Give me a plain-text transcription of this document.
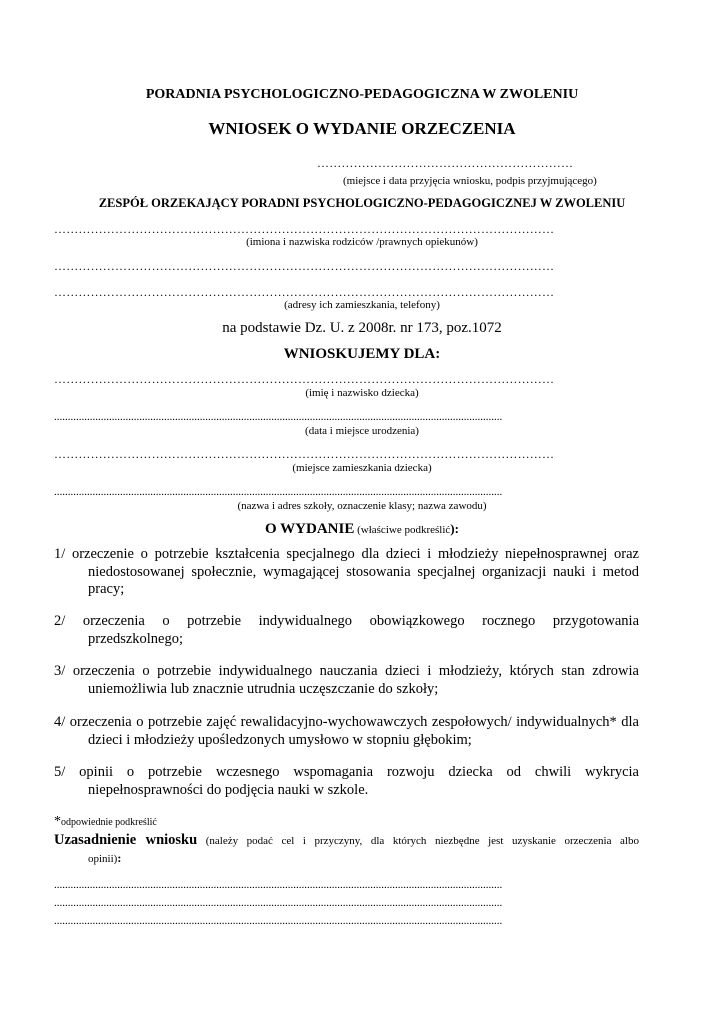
PORADNIA PSYCHOLOGICZNO-PEDAGOGICZNA W ZWOLENIU
WNIOSEK O WYDANIE ORZECZENIA
………………………………………………………
(miejsce i data przyjęcia wniosku, podpis przyjmującego)
ZESPÓŁ ORZEKAJĄCY PORADNI PSYCHOLOGICZNO-PEDAGOGICZNEJ W ZWOLENIU
……………………………………………………………………………………………………………
(imiona i nazwiska rodziców /prawnych opiekunów)
……………………………………………………………………………………………………………
……………………………………………………………………………………………………………
(adresy ich zamieszkania, telefony)
na podstawie Dz. U. z 2008r. nr 173, poz.1072
WNIOSKUJEMY DLA:
……………………………………………………………………………………………………………
(imię i nazwisko dziecka)
...................................................................................................................................................................
(data i miejsce urodzenia)
……………………………………………………………………………………………………………
(miejsce zamieszkania dziecka)
...................................................................................................................................................................
(nazwa i adres szkoły, oznaczenie klasy; nazwa zawodu)
O WYDANIE (właściwe podkreślić):
1/ orzeczenie o potrzebie kształcenia specjalnego dla dzieci i młodzieży niepełnosprawnej oraz
niedostosowanej społecznie, wymagającej stosowania specjalnej organizacji nauki i metod
pracy;
2/ orzeczenia o potrzebie indywidualnego obowiązkowego rocznego przygotowania
przedszkolnego;
3/ orzeczenia o potrzebie indywidualnego nauczania dzieci i młodzieży, których stan zdrowia
uniemożliwia lub znacznie utrudnia uczęszczanie do szkoły;
4/ orzeczenia o potrzebie zajęć rewalidacyjno-wychowawczych zespołowych/ indywidualnych* dla
dzieci i młodzieży upośledzonych umysłowo w stopniu głębokim;
5/ opinii o potrzebie wczesnego wspomagania rozwoju dziecka od chwili wykrycia
niepełnosprawności do podjęcia nauki w szkole.
*odpowiednie podkreślić
Uzasadnienie wniosku (należy podać cel i przyczyny, dla których niezbędne jest uzyskanie orzeczenia albo
opinii):
...................................................................................................................................................................
...................................................................................................................................................................
...................................................................................................................................................................
